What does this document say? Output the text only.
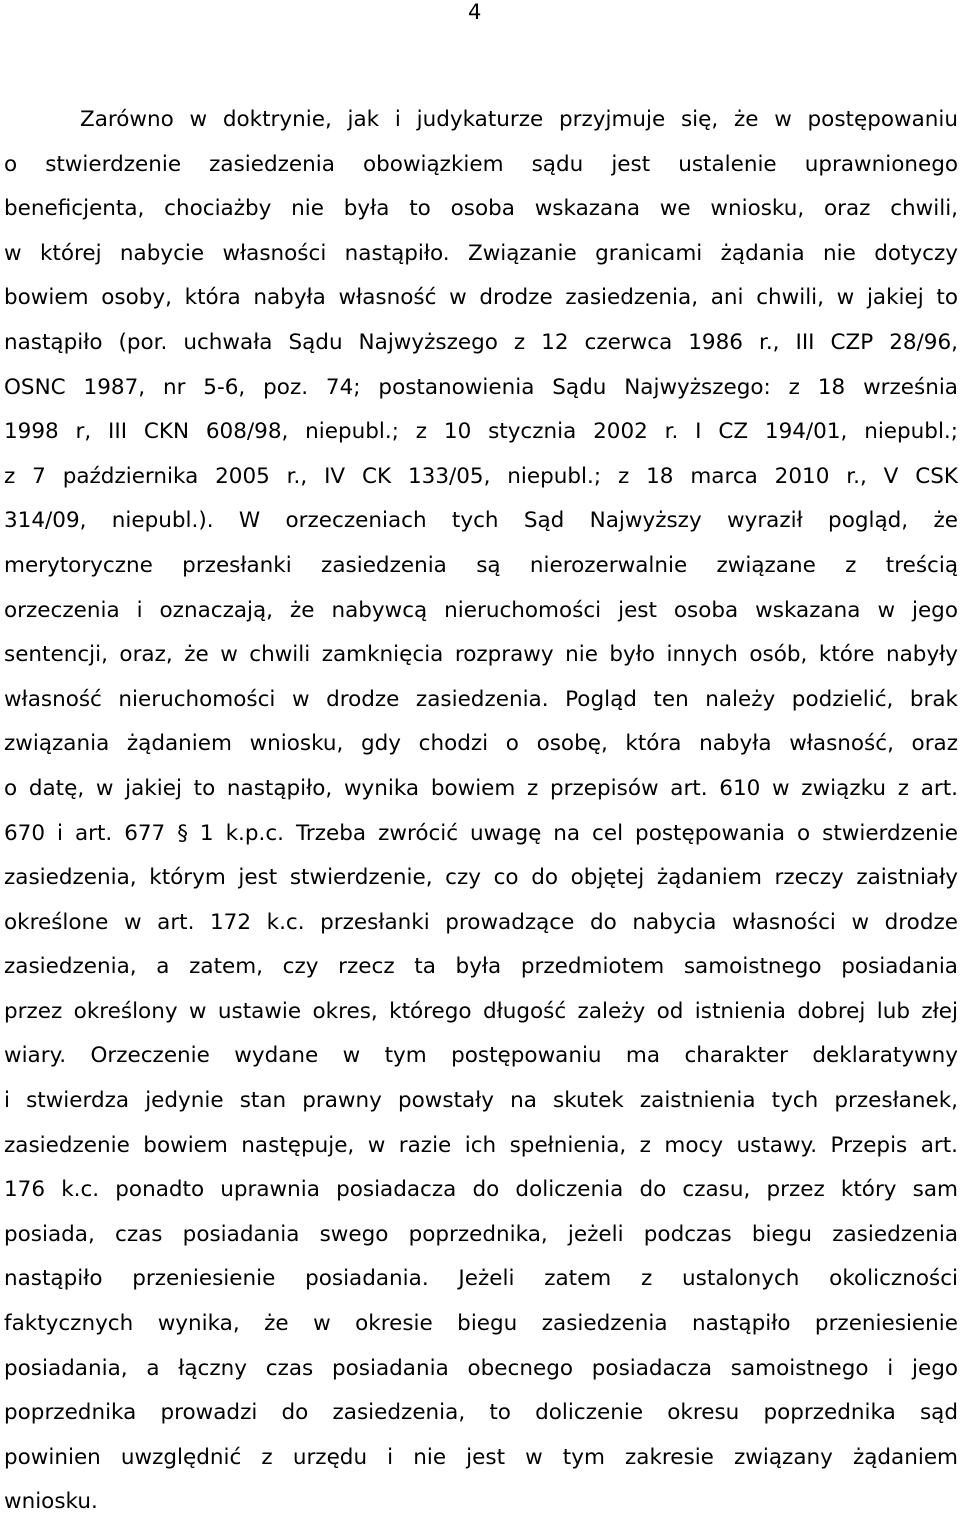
4
Zarówno w doktrynie, jak i judykaturze przyjmuje się, że w postępowaniu
o stwierdzenie zasiedzenia obowiązkiem sądu jest ustalenie uprawnionego
beneficjenta, chociażby nie była to osoba wskazana we wniosku, oraz chwili,
w której nabycie własności nastąpiło. Związanie granicami żądania nie dotyczy
bowiem osoby, która nabyła własność w drodze zasiedzenia, ani chwili, w jakiej to
nastąpiło (por. uchwała Sądu Najwyższego z 12 czerwca 1986 r., III CZP 28/96,
OSNC 1987, nr 5-6, poz. 74; postanowienia Sądu Najwyższego: z 18 września
1998 r, III CKN 608/98, niepubl.; z 10 stycznia 2002 r. I CZ 194/01, niepubl.;
z 7 października 2005 r., IV CK 133/05, niepubl.; z 18 marca 2010 r., V CSK
314/09, niepubl.). W orzeczeniach tych Sąd Najwyższy wyraził pogląd, że
merytoryczne przesłanki zasiedzenia są nierozerwalnie związane z treścią
orzeczenia i oznaczają, że nabywcą nieruchomości jest osoba wskazana w jego
sentencji, oraz, że w chwili zamknięcia rozprawy nie było innych osób, które nabyły
własność nieruchomości w drodze zasiedzenia. Pogląd ten należy podzielić, brak
związania żądaniem wniosku, gdy chodzi o osobę, która nabyła własność, oraz
o datę, w jakiej to nastąpiło, wynika bowiem z przepisów art. 610 w związku z art.
670 i art. 677 § 1 k.p.c. Trzeba zwrócić uwagę na cel postępowania o stwierdzenie
zasiedzenia, którym jest stwierdzenie, czy co do objętej żądaniem rzeczy zaistniały
określone w art. 172 k.c. przesłanki prowadzące do nabycia własności w drodze
zasiedzenia, a zatem, czy rzecz ta była przedmiotem samoistnego posiadania
przez określony w ustawie okres, którego długość zależy od istnienia dobrej lub złej
wiary. Orzeczenie wydane w tym postępowaniu ma charakter deklaratywny
i stwierdza jedynie stan prawny powstały na skutek zaistnienia tych przesłanek,
zasiedzenie bowiem następuje, w razie ich spełnienia, z mocy ustawy. Przepis art.
176 k.c. ponadto uprawnia posiadacza do doliczenia do czasu, przez który sam
posiada, czas posiadania swego poprzednika, jeżeli podczas biegu zasiedzenia
nastąpiło przeniesienie posiadania. Jeżeli zatem z ustalonych okoliczności
faktycznych wynika, że w okresie biegu zasiedzenia nastąpiło przeniesienie
posiadania, a łączny czas posiadania obecnego posiadacza samoistnego i jego
poprzednika prowadzi do zasiedzenia, to doliczenie okresu poprzednika sąd
powinien uwzględnić z urzędu i nie jest w tym zakresie związany żądaniem
wniosku.
